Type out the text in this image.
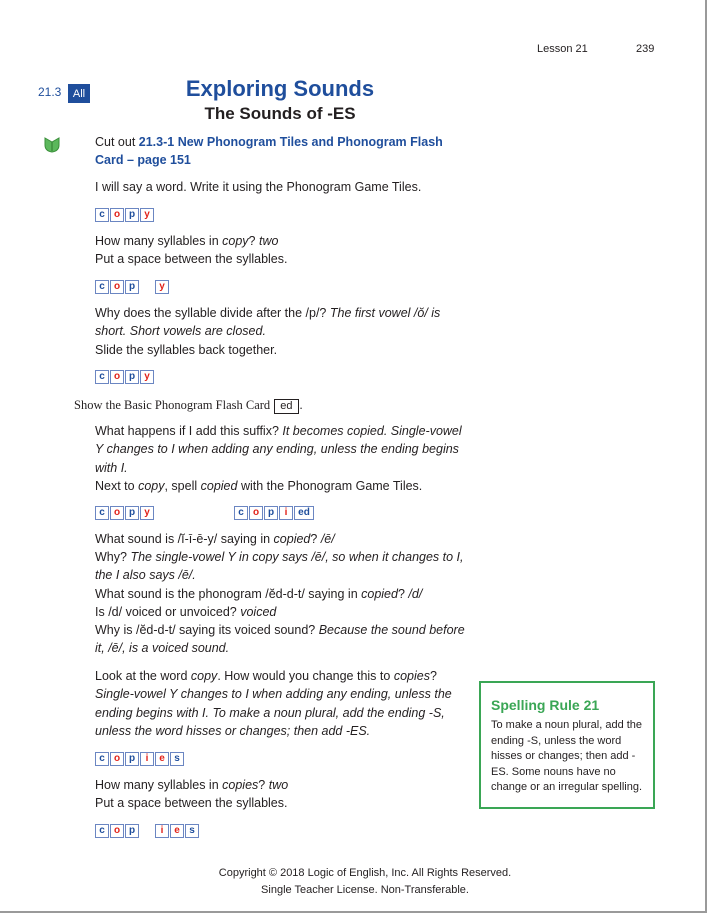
Lesson 21	239
21.3	All	Exploring Sounds
The Sounds of -ES
Cut out 21.3-1 New Phonogram Tiles and Phonogram Flash Card – page 151
I will say a word. Write it using the Phonogram Game Tiles.
c o p y
How many syllables in copy? two
Put a space between the syllables.
c o p	y
Why does the syllable divide after the /p/? The first vowel /ŏ/ is short. Short vowels are closed.
Slide the syllables back together.
c o p y
Show the Basic Phonogram Flash Card ed .
What happens if I add this suffix? It becomes copied. Single-vowel Y changes to I when adding any ending, unless the ending begins with I.
Next to copy, spell copied with the Phonogram Game Tiles.
c o p y	c o p	i	ed
What sound is /ĭ-ī-ē-y/ saying in copied? /ē/
Why? The single-vowel Y in copy says /ē/, so when it changes to I, the I also says /ē/.
What sound is the phonogram /ĕd-d-t/ saying in copied? /d/
Is /d/ voiced or unvoiced? voiced
Why is /ĕd-d-t/ saying its voiced sound? Because the sound before it, /ē/, is a voiced sound.
Look at the word copy. How would you change this to copies? Single-vowel Y changes to I when adding any ending, unless the ending begins with I. To make a noun plural, add the ending -S, unless the word hisses or changes; then add -ES.
c o p	i	e s
How many syllables in copies? two
Put a space between the syllables.
c o p	i	e s
Spelling Rule 21
To make a noun plural, add the ending -S, unless the word hisses or changes; then add -ES. Some nouns have no change or an irregular spelling.
Copyright © 2018 Logic of English, Inc. All Rights Reserved.
Single Teacher License. Non-Transferable.
